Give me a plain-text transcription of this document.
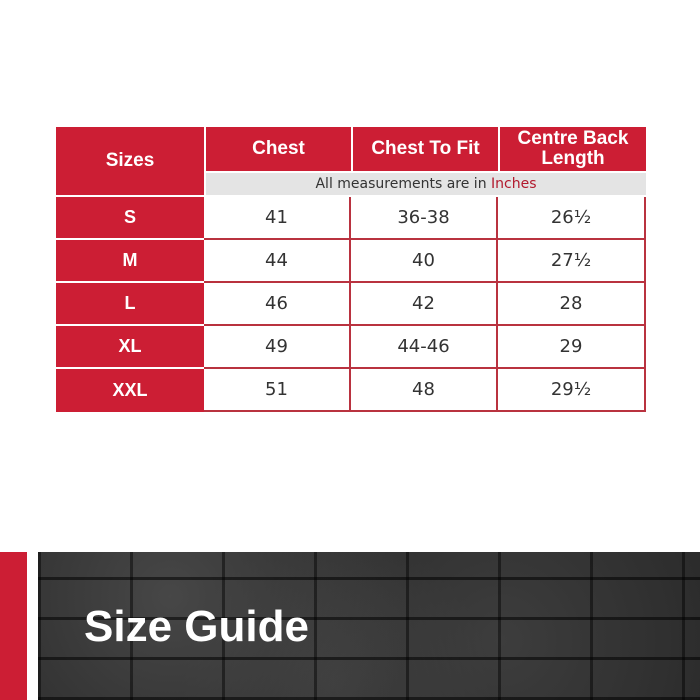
Sizes	Chest	Chest To Fit	Centre Back
Length
	All measurements are in Inches		
S	41	36-38	26½
M	44	40	27½
L	46	42	28
XL	49	44-46	29
XXL	51	48	29½
Size Guide
